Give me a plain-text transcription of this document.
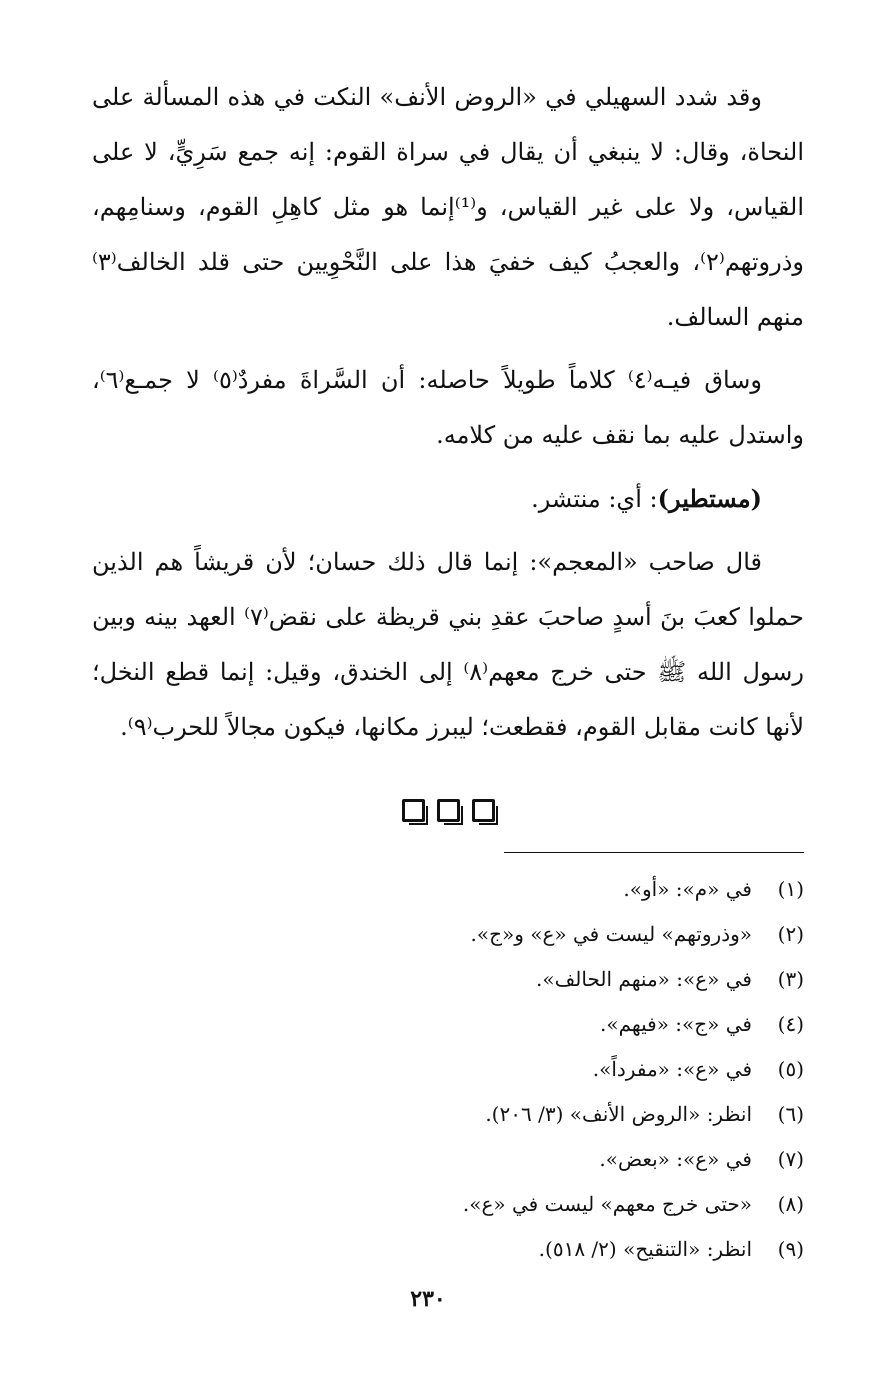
وقد شدد السهيلي في «الروض الأنف» النكت في هذه المسألة على النحاة، وقال: لا ينبغي أن يقال في سراة القوم: إنه جمع سَرِيٍّ، لا على القياس، ولا على غير القياس، و⁽¹⁾إنما هو مثل كاهِلِ القوم، وسنامِهم، وذروتهم⁽٢⁾، والعجبُ كيف خفيَ هذا على النَّحْوِيين حتى قلد الخالف⁽٣⁾ منهم السالف.

وساق فيـه⁽٤⁾ كلاماً طويلاً حاصله: أن السَّراةَ مفردٌ⁽٥⁾ لا جمـع⁽٦⁾، واستدل عليه بما نقف عليه من كلامه.

(مستطير): أي: منتشر.

قال صاحب «المعجم»: إنما قال ذلك حسان؛ لأن قريشاً هم الذين حملوا كعبَ بنَ أسدٍ صاحبَ عقدِ بني قريظة على نقض⁽٧⁾ العهد بينه وبين رسول الله ﷺ حتى خرج معهم⁽٨⁾ إلى الخندق، وقيل: إنما قطع النخل؛ لأنها كانت مقابل القوم، فقطعت؛ ليبرز مكانها، فيكون مجالاً للحرب⁽٩⁾.

(١)
في «م»: «أو».
(٢)
«وذروتهم» ليست في «ع» و«ج».
(٣)
في «ع»: «منهم الحالف».
(٤)
في «ج»: «فيهم».
(٥)
في «ع»: «مفرداً».
(٦)
انظر: «الروض الأنف» (٣/ ٢٠٦).
(٧)
في «ع»: «بعض».
(٨)
«حتى خرج معهم» ليست في «ع».
(٩)
انظر: «التنقيح» (٢/ ٥١٨).
٢٣٠
